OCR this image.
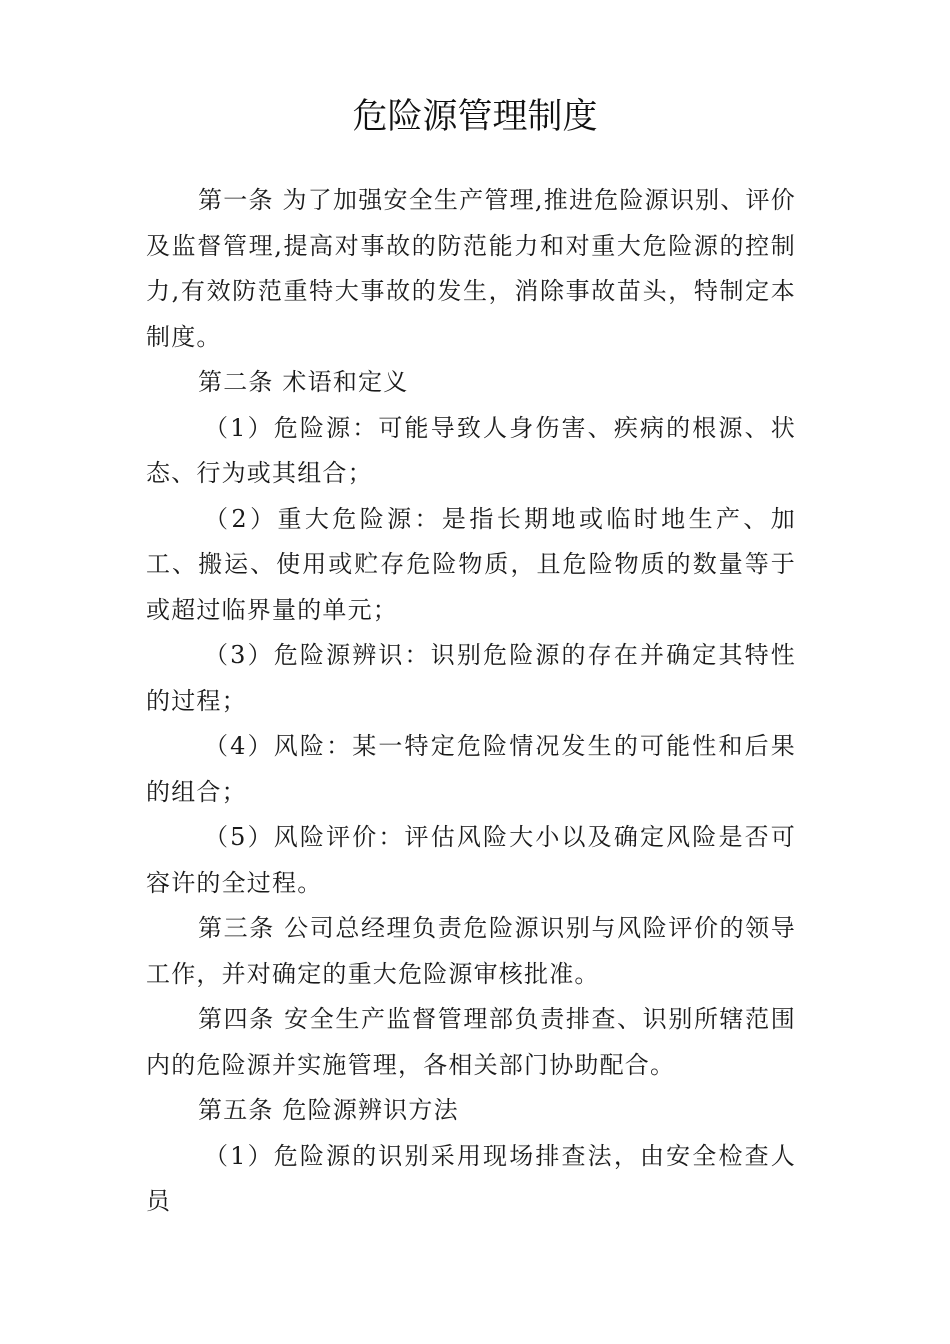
危险源管理制度

第一条 为了加强安全生产管理,推进危险源识别、评价及监督管理,提高对事故的防范能力和对重大危险源的控制力,有效防范重特大事故的发生，消除事故苗头，特制定本制度。

第二条 术语和定义

（1）危险源：可能导致人身伤害、疾病的根源、状态、行为或其组合；

（2）重大危险源：是指长期地或临时地生产、加工、搬运、使用或贮存危险物质，且危险物质的数量等于或超过临界量的单元；

（3）危险源辨识：识别危险源的存在并确定其特性的过程；

（4）风险：某一特定危险情况发生的可能性和后果的组合；

（5）风险评价：评估风险大小以及确定风险是否可容许的全过程。

第三条 公司总经理负责危险源识别与风险评价的领导工作，并对确定的重大危险源审核批准。

第四条 安全生产监督管理部负责排查、识别所辖范围内的危险源并实施管理，各相关部门协助配合。

第五条 危险源辨识方法

（1）危险源的识别采用现场排查法，由安全检查人员
